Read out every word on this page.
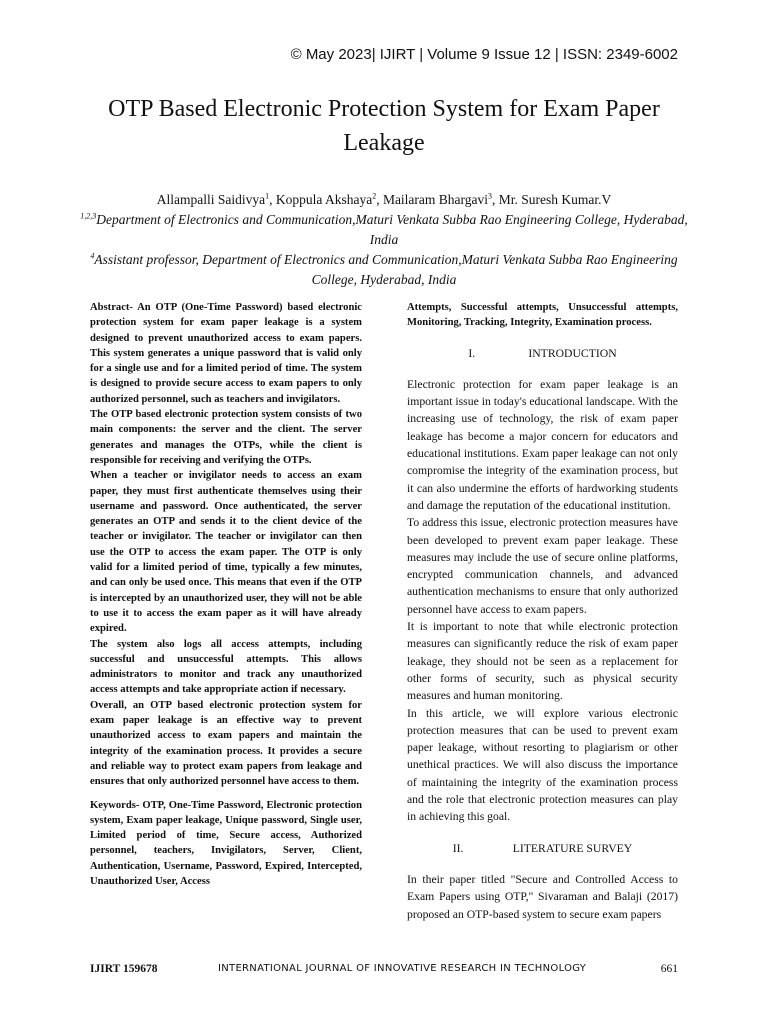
© May 2023| IJIRT | Volume 9 Issue 12 | ISSN: 2349-6002
OTP Based Electronic Protection System for Exam Paper
Leakage
Allampalli Saidivya$^1$, Koppula Akshaya$^2$, Mailaram Bhargavi$^3$, Mr. Suresh Kumar.V
$^{1,2,3}$Department of Electronics and Communication,Maturi Venkata Subba Rao Engineering College, Hyderabad, India
$^4$Assistant professor, Department of Electronics and Communication,Maturi Venkata Subba Rao Engineering College, Hyderabad, India

Abstract- An OTP (One-Time Password) based electronic protection system for exam paper leakage is a system designed to prevent unauthorized access to exam papers. This system generates a unique password that is valid only for a single use and for a limited period of time. The system is designed to provide secure access to exam papers to only authorized personnel, such as teachers and invigilators.

The OTP based electronic protection system consists of two main components: the server and the client. The server generates and manages the OTPs, while the client is responsible for receiving and verifying the OTPs.

When a teacher or invigilator needs to access an exam paper, they must first authenticate themselves using their username and password. Once authenticated, the server generates an OTP and sends it to the client device of the teacher or invigilator. The teacher or invigilator can then use the OTP to access the exam paper. The OTP is only valid for a limited period of time, typically a few minutes, and can only be used once. This means that even if the OTP is intercepted by an unauthorized user, they will not be able to use it to access the exam paper as it will have already expired.

The system also logs all access attempts, including successful and unsuccessful attempts. This allows administrators to monitor and track any unauthorized access attempts and take appropriate action if necessary.

Overall, an OTP based electronic protection system for exam paper leakage is an effective way to prevent unauthorized access to exam papers and maintain the integrity of the examination process. It provides a secure and reliable way to protect exam papers from leakage and ensures that only authorized personnel have access to them.

Keywords- OTP, One-Time Password, Electronic protection system, Exam paper leakage, Unique password, Single user, Limited period of time, Secure access, Authorized personnel, teachers, Invigilators, Server, Client, Authentication, Username, Password, Expired, Intercepted, Unauthorized User, Access

Attempts, Successful attempts, Unsuccessful attempts, Monitoring, Tracking, Integrity, Examination process.

I.	INTRODUCTION

Electronic protection for exam paper leakage is an important issue in today's educational landscape. With the increasing use of technology, the risk of exam paper leakage has become a major concern for educators and educational institutions. Exam paper leakage can not only compromise the integrity of the examination process, but it can also undermine the efforts of hardworking students and damage the reputation of the educational institution.

To address this issue, electronic protection measures have been developed to prevent exam paper leakage. These measures may include the use of secure online platforms, encrypted communication channels, and advanced authentication mechanisms to ensure that only authorized personnel have access to exam papers.

It is important to note that while electronic protection measures can significantly reduce the risk of exam paper leakage, they should not be seen as a replacement for other forms of security, such as physical security measures and human monitoring.

In this article, we will explore various electronic protection measures that can be used to prevent exam paper leakage, without resorting to plagiarism or other unethical practices. We will also discuss the importance of maintaining the integrity of the examination process and the role that electronic protection measures can play in achieving this goal.

II.	LITERATURE SURVEY

In their paper titled "Secure and Controlled Access to Exam Papers using OTP," Sivaraman and Balaji (2017) proposed an OTP-based system to secure exam papers

IJIRT 159678	INTERNATIONAL JOURNAL OF INNOVATIVE RESEARCH IN TECHNOLOGY	661
